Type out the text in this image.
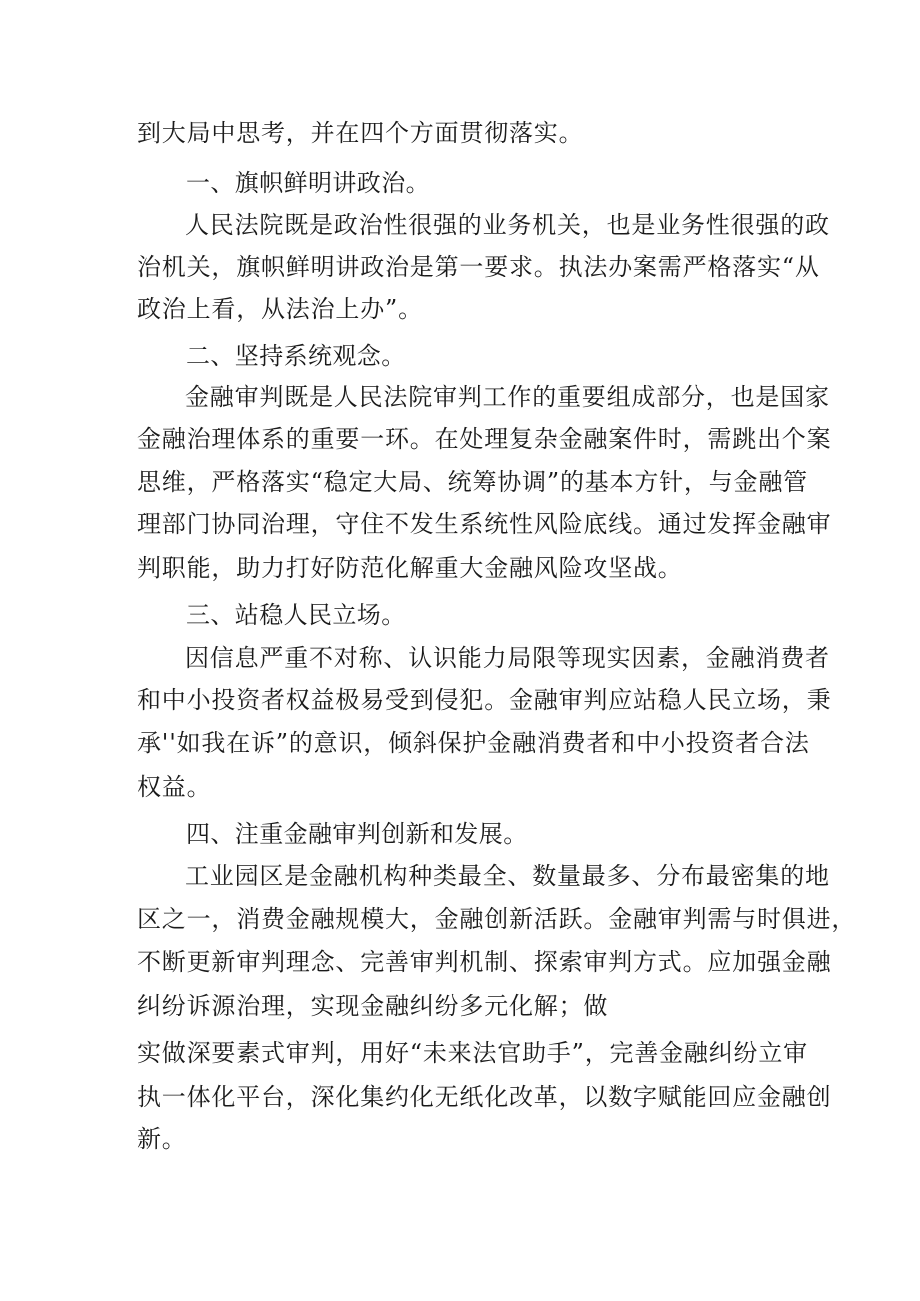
到大局中思考，并在四个方面贯彻落实。
一、旗帜鲜明讲政治。
人民法院既是政治性很强的业务机关，也是业务性很强的政
治机关，旗帜鲜明讲政治是第一要求。执法办案需严格落实“从
政治上看，从法治上办”。
二、坚持系统观念。
金融审判既是人民法院审判工作的重要组成部分，也是国家
金融治理体系的重要一环。在处理复杂金融案件时，需跳出个案
思维，严格落实“稳定大局、统筹协调”的基本方针，与金融管
理部门协同治理，守住不发生系统性风险底线。通过发挥金融审
判职能，助力打好防范化解重大金融风险攻坚战。
三、站稳人民立场。
因信息严重不对称、认识能力局限等现实因素，金融消费者
和中小投资者权益极易受到侵犯。金融审判应站稳人民立场，秉
承''如我在诉”的意识，倾斜保护金融消费者和中小投资者合法
权益。
四、注重金融审判创新和发展。
工业园区是金融机构种类最全、数量最多、分布最密集的地
区之一，消费金融规模大，金融创新活跃。金融审判需与时俱进，
不断更新审判理念、完善审判机制、探索审判方式。应加强金融
纠纷诉源治理，实现金融纠纷多元化解；做
实做深要素式审判，用好“未来法官助手”，完善金融纠纷立审
执一体化平台，深化集约化无纸化改革，以数字赋能回应金融创
新。
